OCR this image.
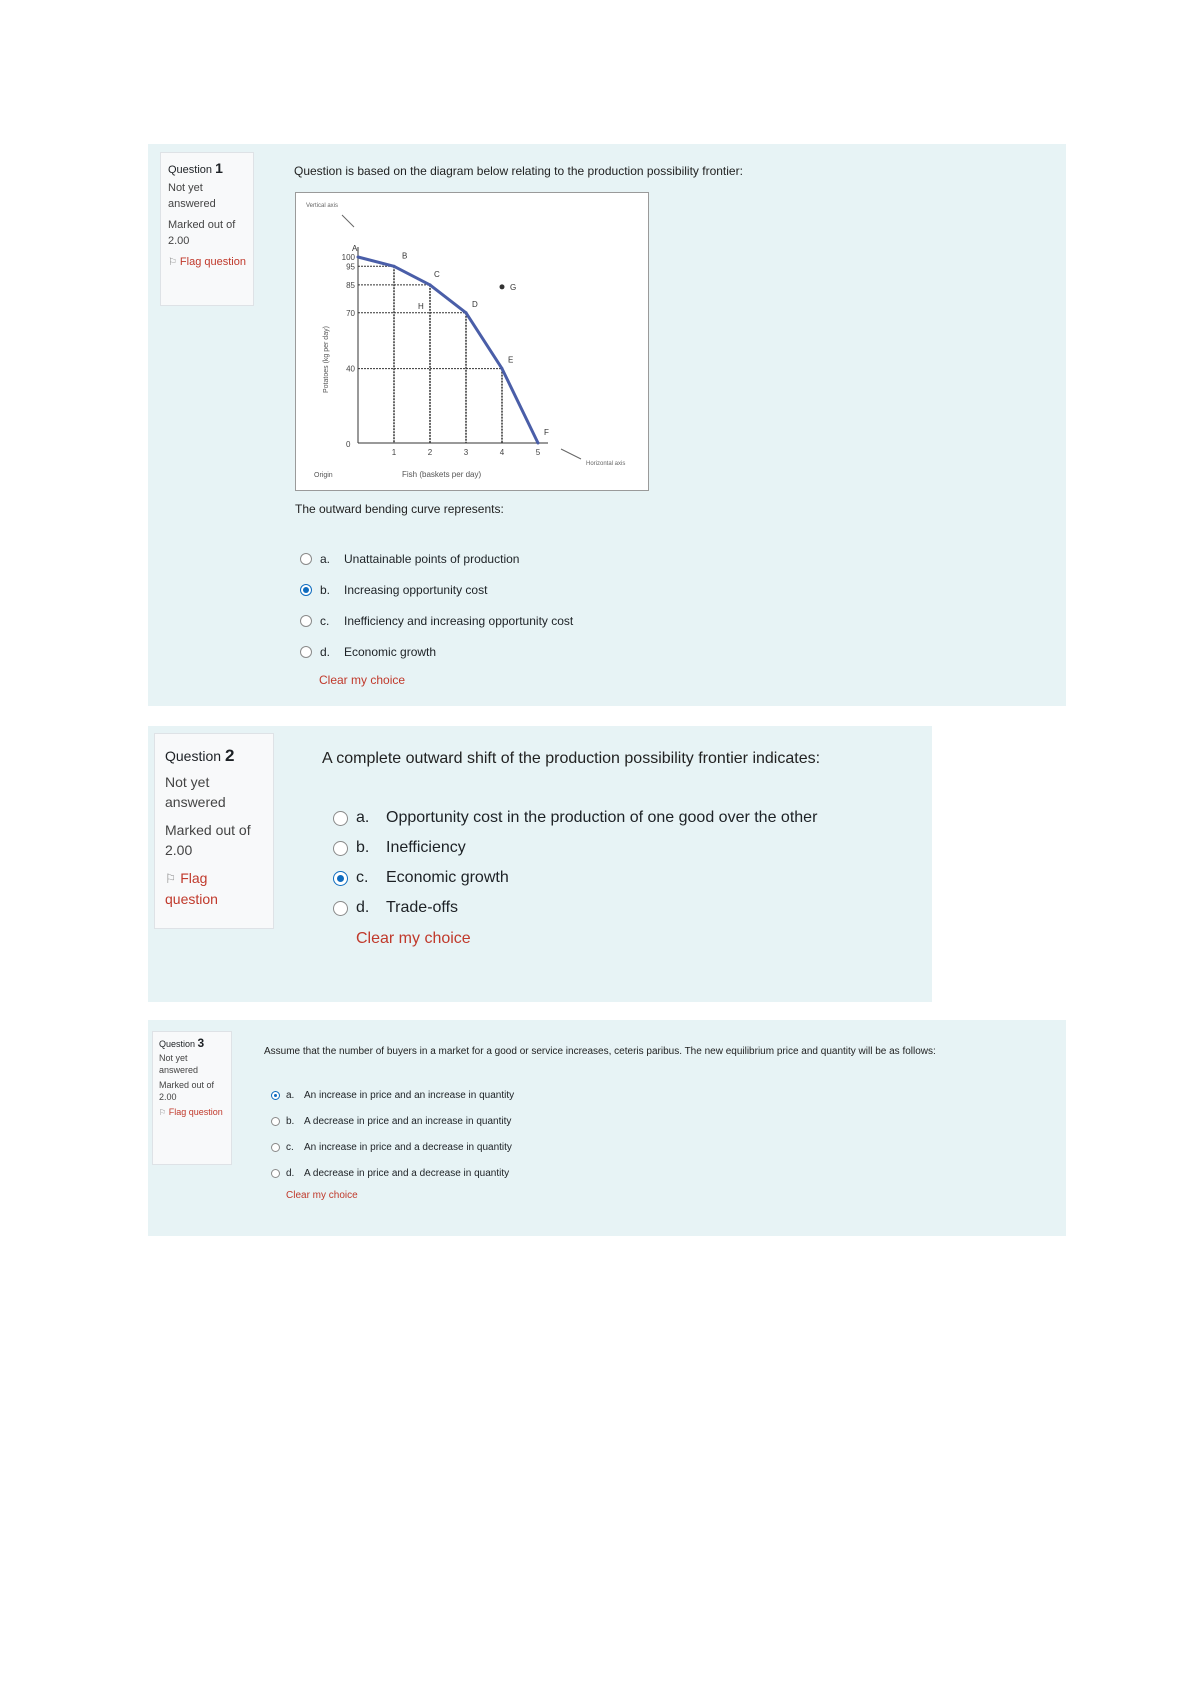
Question 1
Not yet answered
Marked out of 2.00
⚐ Flag question
Question is based on the diagram below relating to the production possibility frontier:
Vertical axis
Horizontal axis
Origin	Fish (baskets per day)
Potatoes (kg per day)
0
100
95
85
70
40
1	2	3	4	5
A
B
C
D
E
F
G
H
The outward bending curve represents:
a.	Unattainable points of production
b.	Increasing opportunity cost
c.	Inefficiency and increasing opportunity cost
d.	Economic growth
Clear my choice
Question 2
Not yet answered
Marked out of 2.00
⚐ Flag question
A complete outward shift of the production possibility frontier indicates:
a.	Opportunity cost in the production of one good over the other
b.	Inefficiency
c.	Economic growth
d.	Trade-offs
Clear my choice
Question 3
Not yet answered
Marked out of 2.00
⚐ Flag question
Assume that the number of buyers in a market for a good or service increases, ceteris paribus. The new equilibrium price and quantity will be as follows:
a. An increase in price and an increase in quantity
b. A decrease in price and an increase in quantity
c.	An increase in price and a decrease in quantity
d. A decrease in price and a decrease in quantity
Clear my choice
